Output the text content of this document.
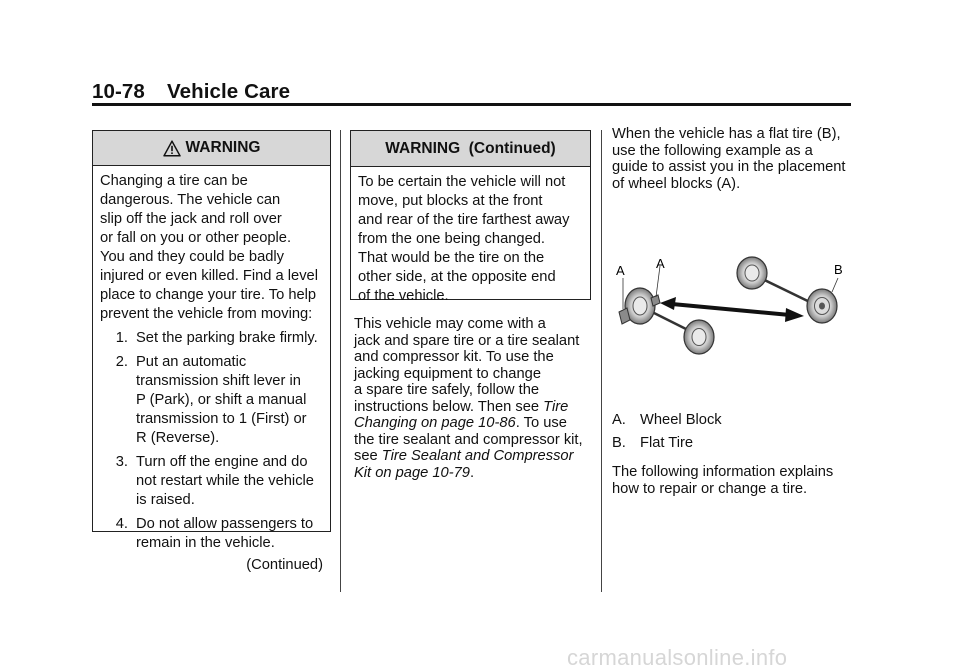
10-78 Vehicle Care
WARNING

Changing a tire can be

dangerous. The vehicle can

slip off the jack and roll over

or fall on you or other people.

You and they could be badly

injured or even killed. Find a level

place to change your tire. To help

prevent the vehicle from moving:

1. Set the parking brake firmly.
2. Put an automatic
transmission shift lever in
P (Park), or shift a manual
transmission to 1 (First) or
R (Reverse).
3. Turn off the engine and do
not restart while the vehicle
is raised.
4. Do not allow passengers to
remain in the vehicle.

(Continued)

WARNING  (Continued)

To be certain the vehicle will not

move, put blocks at the front

and rear of the tire farthest away

from the one being changed.

That would be the tire on the

other side, at the opposite end

of the vehicle.

This vehicle may come with a
jack and spare tire or a tire sealant
and compressor kit. To use the
jacking equipment to change
a spare tire safely, follow the
instructions below. Then see Tire
Changing on page 10-86. To use
the tire sealant and compressor kit,
see Tire Sealant and Compressor
Kit on page 10-79.
When the vehicle has a flat tire (B),
use the following example as a
guide to assist you in the placement
of wheel blocks (A).
A A	B
A. Wheel Block
B. Flat Tire
The following information explains
how to repair or change a tire.
carmanualsonline.info
